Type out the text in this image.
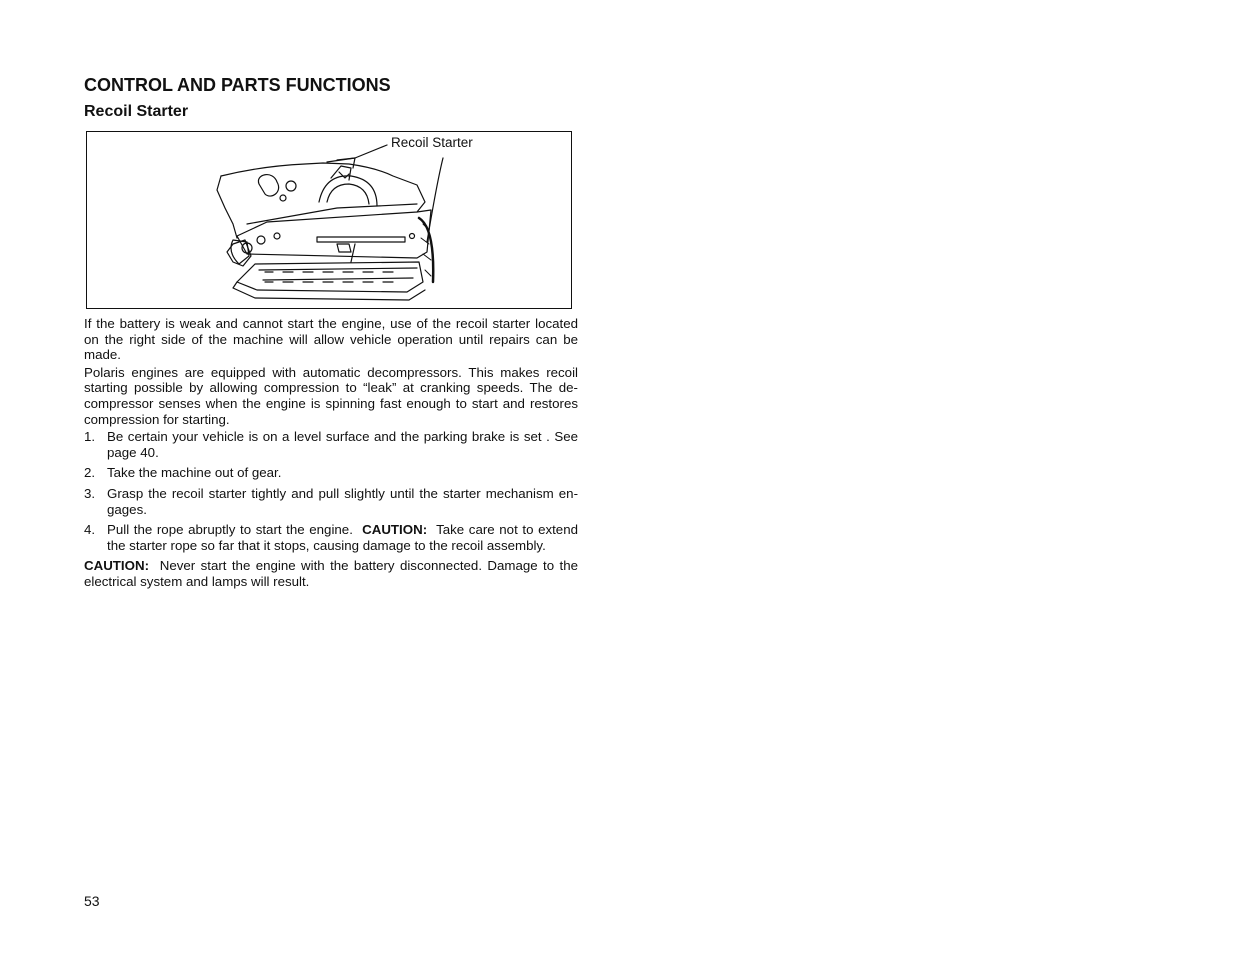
CONTROL AND PARTS FUNCTIONS
Recoil Starter
Recoil Starter

If the battery is weak and cannot start the engine, use of the recoil starter located on the right side of the machine will allow vehicle operation until repairs can be made.

Polaris engines are equipped with automatic decompressors. This makes recoil starting possible by allowing compression to “leak” at cranking speeds. The de-compressor senses when the engine is spinning fast enough to start and restores compression for starting.

1. Be certain your vehicle is on a level surface and the parking brake is set . See page 40.
2. Take the machine out of gear.
3. Grasp the recoil starter tightly and pull slightly until the starter mechanism en-gages.
4. Pull the rope abruptly to start the engine. CAUTION: Take care not to extend the starter rope so far that it stops, causing damage to the recoil assembly.

CAUTION: Never start the engine with the battery disconnected. Damage to the electrical system and lamps will result.

53
